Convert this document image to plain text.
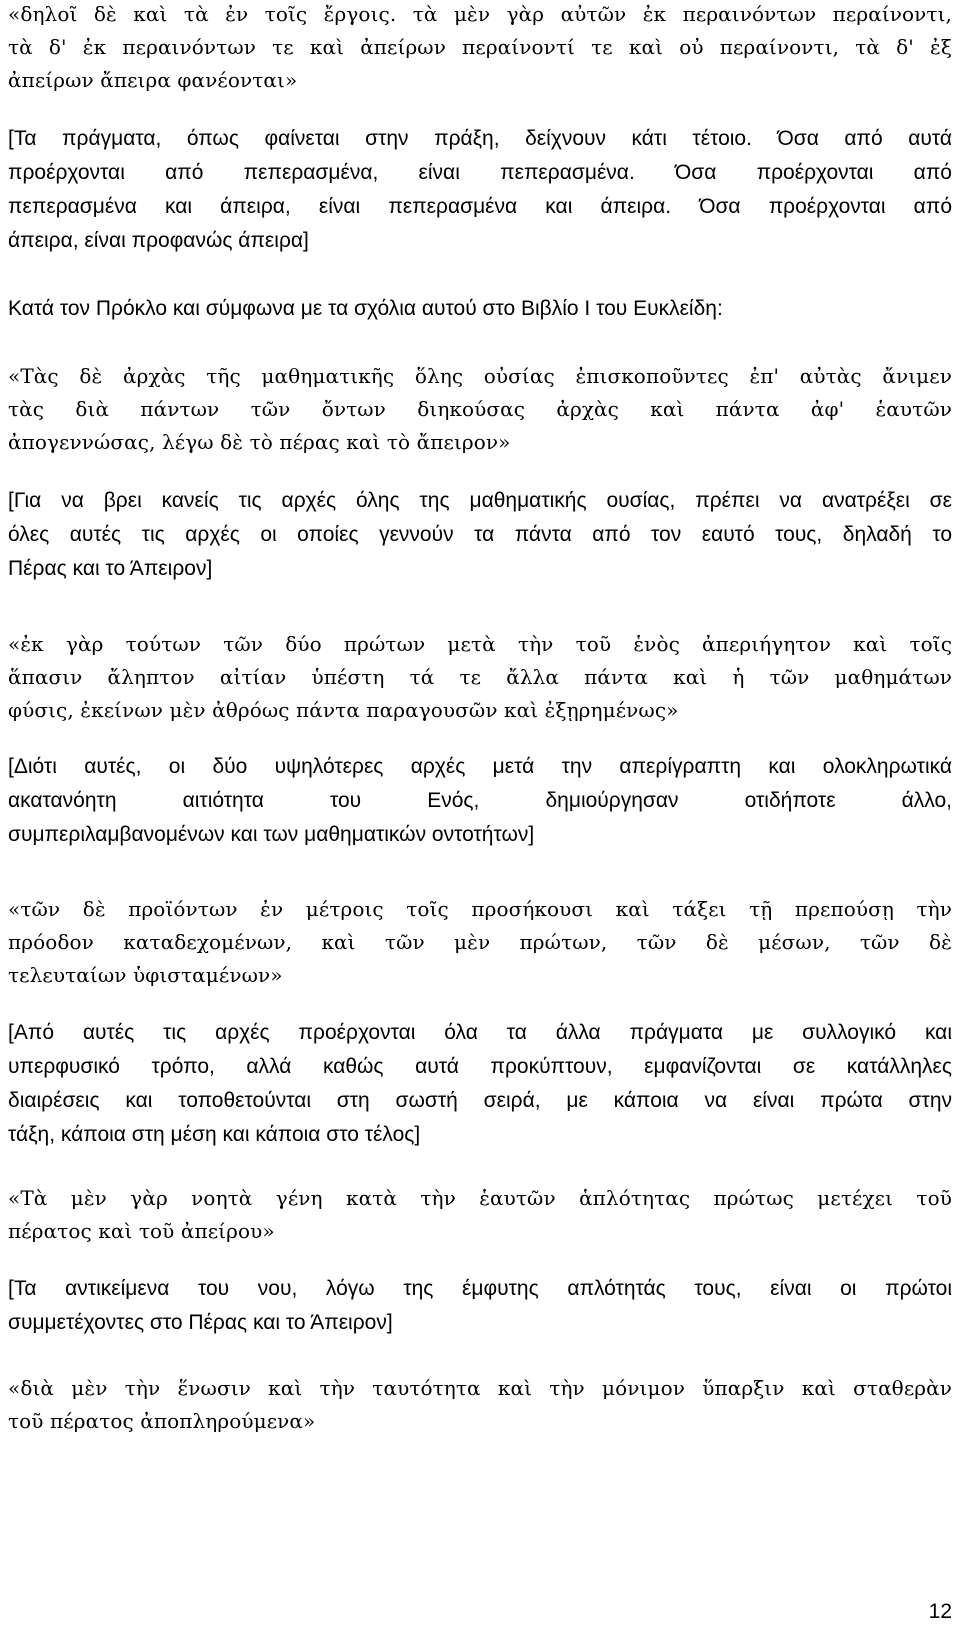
«δηλοῖ δὲ καὶ τὰ ἐν τοῖς ἔργοις. τὰ μὲν γὰρ αὐτῶν ἐκ περαινόντων περαίνοντι,
τὰ δ' ἐκ περαινόντων τε καὶ ἀπείρων περαίνοντί τε καὶ οὐ περαίνοντι, τὰ δ' ἐξ
ἀπείρων ἄπειρα φανέονται»

[Τα πράγματα, όπως φαίνεται στην πράξη, δείχνουν κάτι τέτοιο. Όσα από αυτά
προέρχονται από πεπερασμένα, είναι πεπερασμένα. Όσα προέρχονται από
πεπερασμένα και άπειρα, είναι πεπερασμένα και άπειρα. Όσα προέρχονται από
άπειρα, είναι προφανώς άπειρα]

Κατά τον Πρόκλο και σύμφωνα με τα σχόλια αυτού στο Βιβλίο Ι του Ευκλείδη:

«Τὰς δὲ ἀρχὰς τῆς μαθηματικῆς ὅλης οὐσίας ἐπισκοποῦντες ἐπ' αὐτὰς ἄνιμεν
τὰς διὰ πάντων τῶν ὄντων διηκούσας ἀρχὰς καὶ πάντα ἀφ' ἑαυτῶν
ἀπογεννώσας, λέγω δὲ τὸ πέρας καὶ τὸ ἄπειρον»

[Για να βρει κανείς τις αρχές όλης της μαθηματικής ουσίας, πρέπει να ανατρέξει σε
όλες αυτές τις αρχές οι οποίες γεννούν τα πάντα από τον εαυτό τους, δηλαδή το
Πέρας και το Άπειρον]

«ἐκ γὰρ τούτων τῶν δύο πρώτων μετὰ τὴν τοῦ ἑνὸς ἀπεριήγητον καὶ τοῖς
ἅπασιν ἄληπτον αἰτίαν ὑπέστη τά τε ἄλλα πάντα καὶ ἡ τῶν μαθημάτων
φύσις, ἐκείνων μὲν ἀθρόως πάντα παραγουσῶν καὶ ἐξῃρημένως»

[Διότι αυτές, οι δύο υψηλότερες αρχές μετά την απερίγραπτη και ολοκληρωτικά
ακατανόητη αιτιότητα του Ενός, δημιούργησαν οτιδήποτε άλλο,
συμπεριλαμβανομένων και των μαθηματικών οντοτήτων]

«τῶν δὲ προϊόντων ἐν μέτροις τοῖς προσήκουσι καὶ τάξει τῇ πρεπούσῃ τὴν
πρόοδον καταδεχομένων, καὶ τῶν μὲν πρώτων, τῶν δὲ μέσων, τῶν δὲ
τελευταίων ὑφισταμένων»

[Από αυτές τις αρχές προέρχονται όλα τα άλλα πράγματα με συλλογικό και
υπερφυσικό τρόπο, αλλά καθώς αυτά προκύπτουν, εμφανίζονται σε κατάλληλες
διαιρέσεις και τοποθετούνται στη σωστή σειρά, με κάποια να είναι πρώτα στην
τάξη, κάποια στη μέση και κάποια στο τέλος]

«Τὰ μὲν γὰρ νοητὰ γένη κατὰ τὴν ἑαυτῶν ἁπλότητας πρώτως μετέχει τοῦ
πέρατος καὶ τοῦ ἀπείρου»

[Τα αντικείμενα του νου, λόγω της έμφυτης απλότητάς τους, είναι οι πρώτοι
συμμετέχοντες στο Πέρας και το Άπειρον]

«διὰ μὲν τὴν ἕνωσιν καὶ τὴν ταυτότητα καὶ τὴν μόνιμον ὕπαρξιν καὶ σταθερὰν
τοῦ πέρατος ἀποπληρούμενα»

12
